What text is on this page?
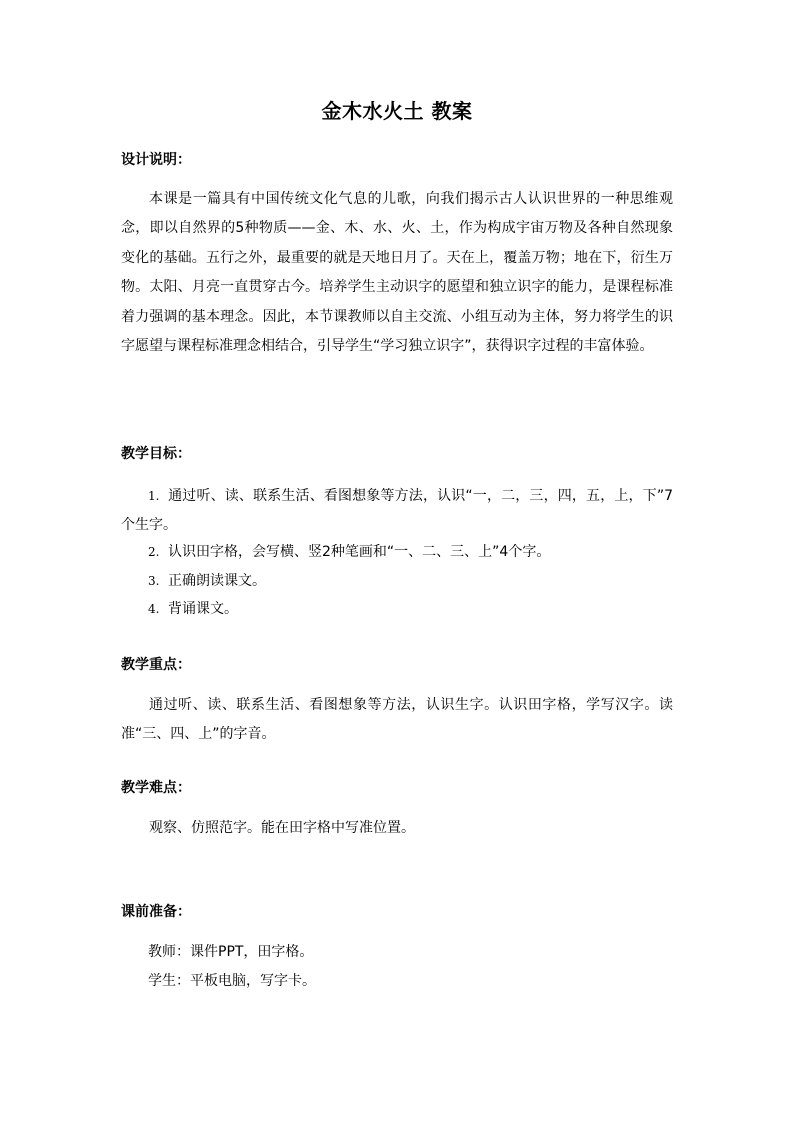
金木水火土 教案
设计说明：

本课是一篇具有中国传统文化气息的儿歌，向我们揭示古人认识世界的一种思维观念，即以自然界的5种物质——金、木、水、火、土，作为构成宇宙万物及各种自然现象变化的基础。五行之外，最重要的就是天地日月了。天在上，覆盖万物；地在下，衍生万物。太阳、月亮一直贯穿古今。培养学生主动识字的愿望和独立识字的能力，是课程标准着力强调的基本理念。因此，本节课教师以自主交流、小组互动为主体，努力将学生的识字愿望与课程标准理念相结合，引导学生“学习独立识字”，获得识字过程的丰富体验。

教学目标：
1. 通过听、读、联系生活、看图想象等方法，认识“一，二，三，四，五，上，下”7个生字。
2. 认识田字格，会写横、竖2种笔画和“一、二、三、上”4个字。
3. 正确朗读课文。
4. 背诵课文。
教学重点：

通过听、读、联系生活、看图想象等方法，认识生字。认识田字格，学写汉字。读准“三、四、上”的字音。

教学难点：

观察、仿照范字。能在田字格中写准位置。

课前准备：
教师：课件PPT，田字格。
学生：平板电脑，写字卡。
